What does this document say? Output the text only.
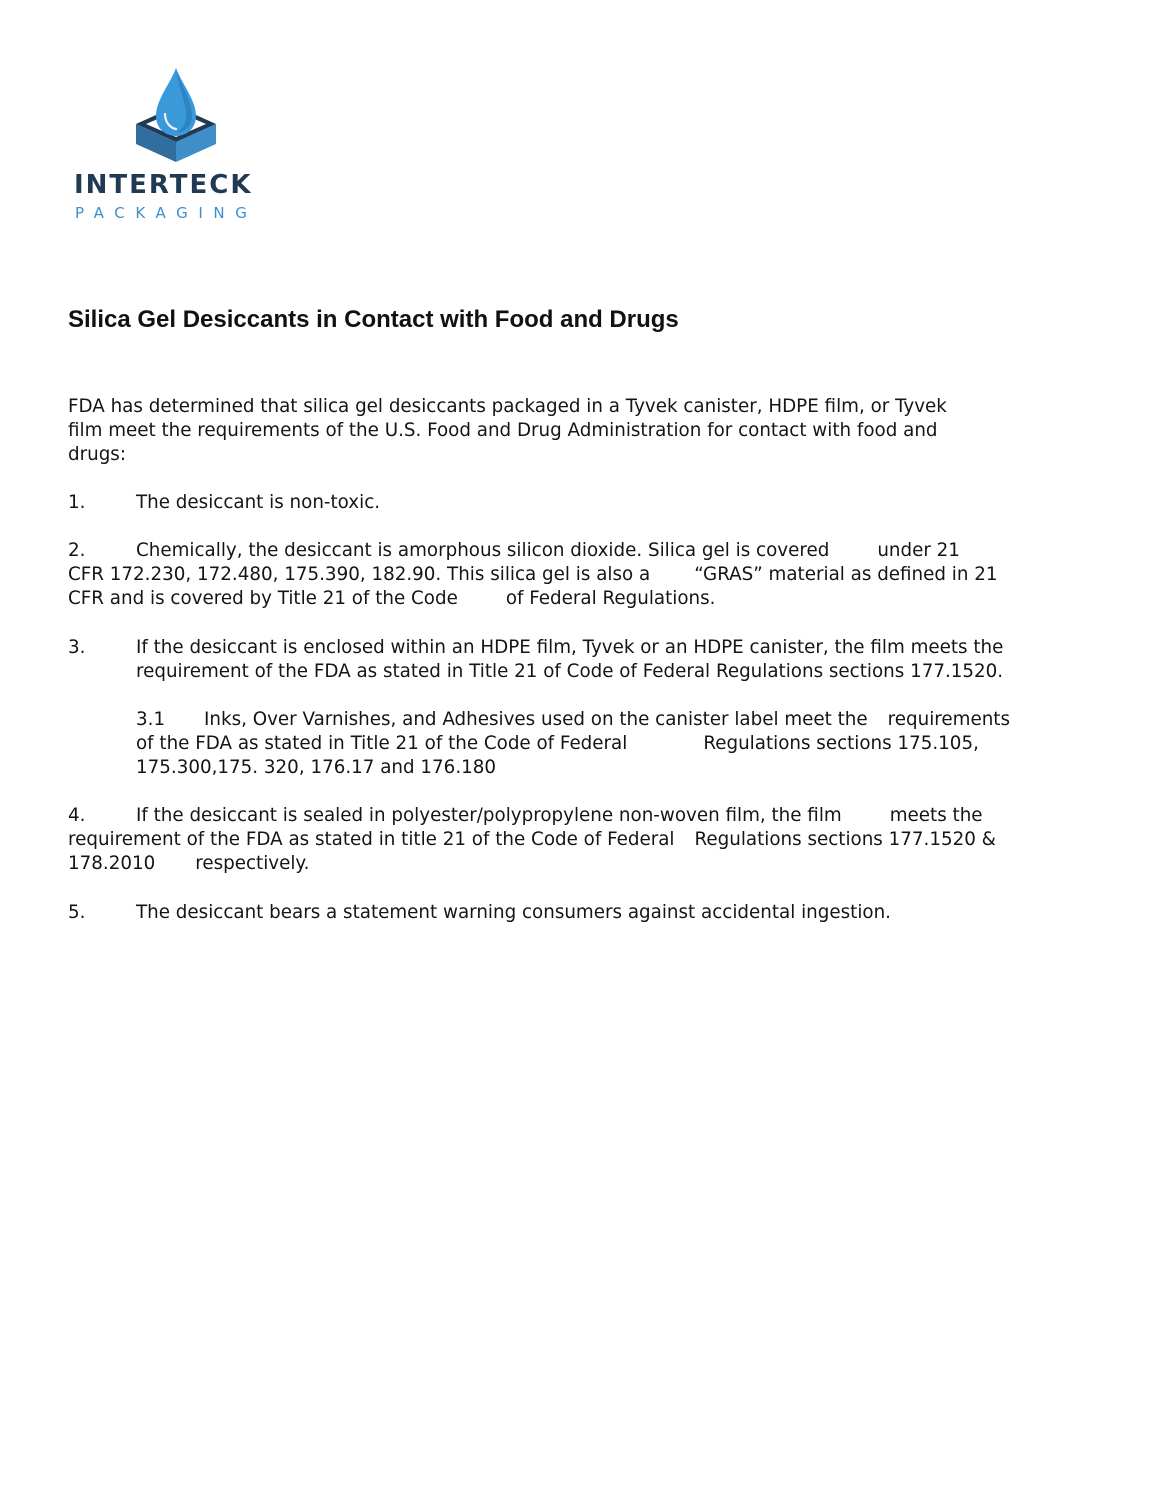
INTERTECK
PACKAGING
Silica Gel Desiccants in Contact with Food and Drugs
FDA has determined that silica gel desiccants packaged in a Tyvek canister, HDPE film, or Tyvek
film meet the requirements of the U.S. Food and Drug Administration for contact with food and
drugs:
1.	The desiccant is non-toxic.
2.	Chemically, the desiccant is amorphous silicon dioxide. Silica gel is covered	under 21
CFR 172.230, 172.480, 175.390, 182.90. This silica gel is also a “GRAS” material as defined in 21
CFR and is covered by Title 21 of the Code	of Federal Regulations.
3.	If the desiccant is enclosed within an HDPE film, Tyvek or an HDPE canister, the film meets the
requirement of the FDA as stated in Title 21 of Code of Federal Regulations sections 177.1520.
3.1 Inks, Over Varnishes, and Adhesives used on the canister label meet the requirements
of the FDA as stated in Title 21 of the Code of Federal	Regulations sections 175.105,
175.300,175. 320, 176.17 and 176.180
4.	If the desiccant is sealed in polyester/polypropylene non-woven film, the film	meets the
requirement of the FDA as stated in title 21 of the Code of Federal Regulations sections 177.1520 &
178.2010 respectively.
5.	The desiccant bears a statement warning consumers against accidental ingestion.
